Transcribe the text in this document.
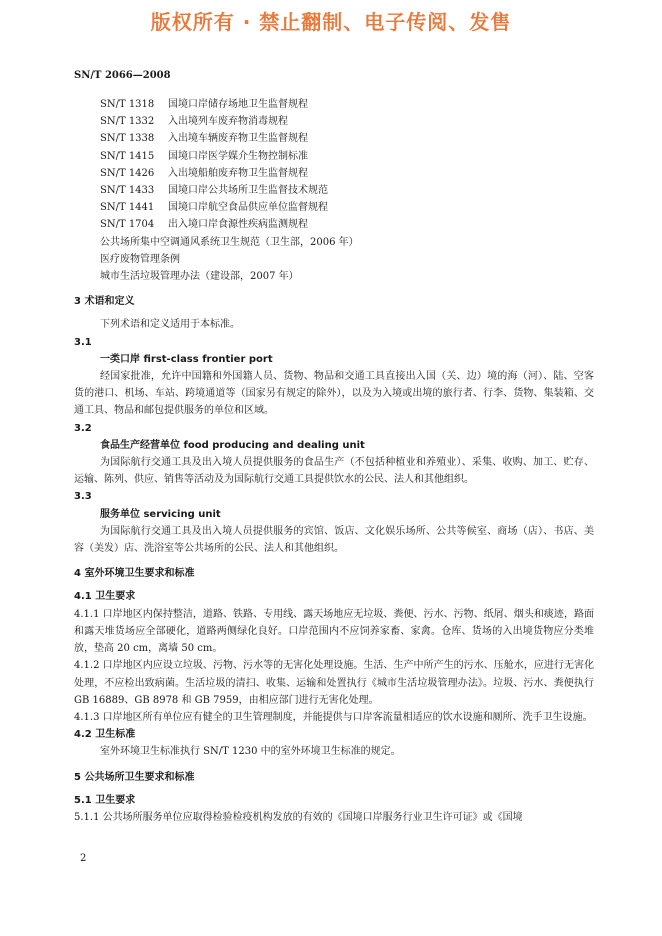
版权所有 · 禁止翻制、电子传阅、发售
SN/T 2066—2008
SN/T 1318 国境口岸储存场地卫生监督规程
SN/T 1332 入出境列车废弃物消毒规程
SN/T 1338 入出境车辆废弃物卫生监督规程
SN/T 1415 国境口岸医学媒介生物控制标准
SN/T 1426 入出境船舶废弃物卫生监督规程
SN/T 1433 国境口岸公共场所卫生监督技术规范
SN/T 1441 国境口岸航空食品供应单位监督规程
SN/T 1704 出入境口岸食源性疾病监测规程
公共场所集中空调通风系统卫生规范（卫生部，2006 年）
医疗废物管理条例
城市生活垃圾管理办法（建设部，2007 年）
3 术语和定义
下列术语和定义适用于本标准。
3.1
一类口岸 first-class frontier port
经国家批准，允许中国籍和外国籍人员、货物、物品和交通工具直接出入国（关、边）境的海（河）、陆、空客货的港口、机场、车站、跨境通道等（国家另有规定的除外），以及为入境或出境的旅行者、行李、货物、集装箱、交通工具、物品和邮包提供服务的单位和区域。
3.2
食品生产经营单位 food producing and dealing unit
为国际航行交通工具及出入境人员提供服务的食品生产（不包括种植业和养殖业）、采集、收购、加工、贮存、运输、陈列、供应、销售等活动及为国际航行交通工具提供饮水的公民、法人和其他组织。
3.3
服务单位 servicing unit
为国际航行交通工具及出入境人员提供服务的宾馆、饭店、文化娱乐场所、公共等候室、商场（店）、书店、美容（美发）店、洗浴室等公共场所的公民、法人和其他组织。
4 室外环境卫生要求和标准
4.1 卫生要求
4.1.1 口岸地区内保持整洁，道路、铁路、专用线、露天场地应无垃圾、粪便、污水、污物、纸屑、烟头和痰迹，路面和露天堆货场应全部硬化，道路两侧绿化良好。口岸范围内不应饲养家畜、家禽。仓库、货场的入出境货物应分类堆放，垫高 20 cm，离墙 50 cm。
4.1.2 口岸地区内应设立垃圾、污物、污水等的无害化处理设施。生活、生产中所产生的污水、压舱水，应进行无害化处理，不应检出致病菌。生活垃圾的清扫、收集、运输和处置执行《城市生活垃圾管理办法》。垃圾、污水、粪便执行 GB 16889、GB 8978 和 GB 7959，由相应部门进行无害化处理。
4.1.3 口岸地区所有单位应有健全的卫生管理制度，并能提供与口岸客流量相适应的饮水设施和厕所、洗手卫生设施。
4.2 卫生标准
室外环境卫生标准执行 SN/T 1230 中的室外环境卫生标准的规定。
5 公共场所卫生要求和标准
5.1 卫生要求
5.1.1 公共场所服务单位应取得检验检疫机构发放的有效的《国境口岸服务行业卫生许可证》或《国境
2
